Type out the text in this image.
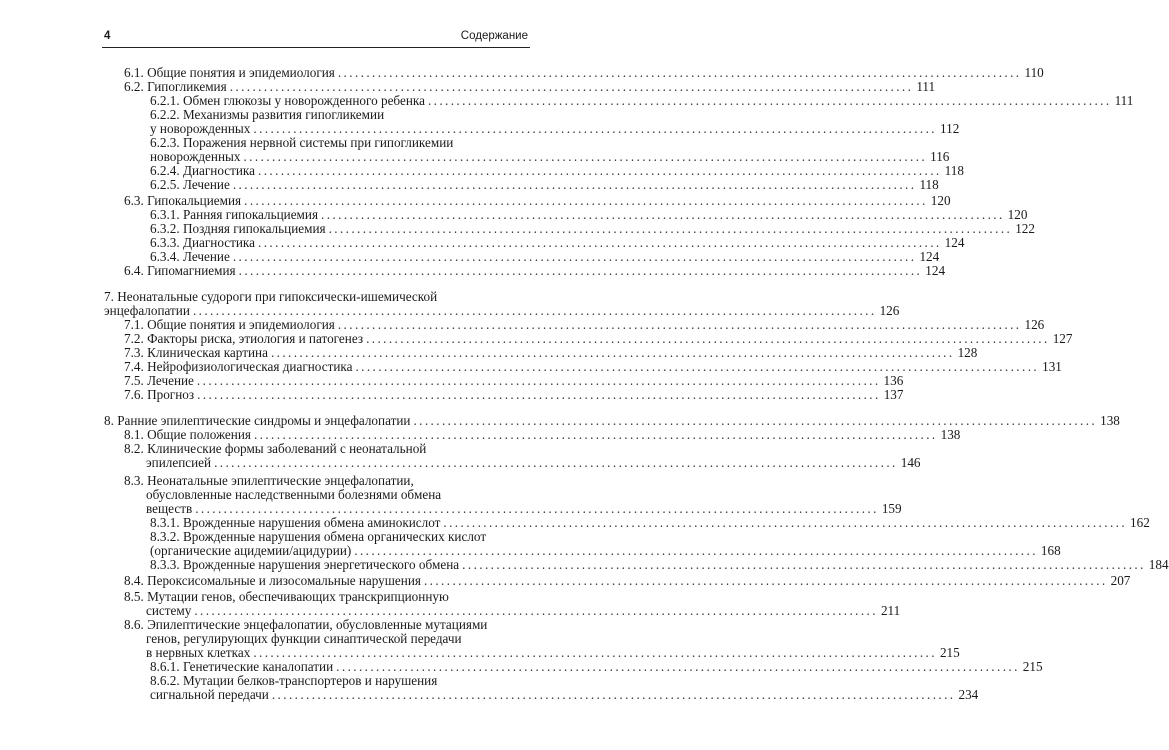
4	Содержание
6.1. Общие понятия и эпидемиология ........................................................................................................................ 110
6.2. Гипогликемия ........................................................................................................................ 111
6.2.1. Обмен глюкозы у новорожденного ребенка ........................................................................................................................ 111
6.2.2. Механизмы развития гипогликемии
у новорожденных ........................................................................................................................ 112
6.2.3. Поражения нервной системы при гипогликемии
новорожденных ........................................................................................................................ 116
6.2.4. Диагностика ........................................................................................................................ 118
6.2.5. Лечение ........................................................................................................................ 118
6.3. Гипокальциемия ........................................................................................................................ 120
6.3.1. Ранняя гипокальциемия ........................................................................................................................ 120
6.3.2. Поздняя гипокальциемия ........................................................................................................................ 122
6.3.3. Диагностика ........................................................................................................................ 124
6.3.4. Лечение ........................................................................................................................ 124
6.4. Гипомагниемия ........................................................................................................................ 124
7. Неонатальные судороги при гипоксически-ишемической
энцефалопатии ........................................................................................................................ 126
7.1. Общие понятия и эпидемиология ........................................................................................................................ 126
7.2. Факторы риска, этиология и патогенез ........................................................................................................................ 127
7.3. Клиническая картина ........................................................................................................................ 128
7.4. Нейрофизиологическая диагностика ........................................................................................................................ 131
7.5. Лечение ........................................................................................................................ 136
7.6. Прогноз ........................................................................................................................ 137
8. Ранние эпилептические синдромы и энцефалопатии ........................................................................................................................ 138
8.1. Общие положения ........................................................................................................................ 138
8.2. Клинические формы заболеваний с неонатальной
эпилепсией ........................................................................................................................ 146
8.3. Неонатальные эпилептические энцефалопатии,
обусловленные наследственными болезнями обмена
веществ ........................................................................................................................ 159
8.3.1. Врожденные нарушения обмена аминокислот ........................................................................................................................ 162
8.3.2. Врожденные нарушения обмена органических кислот
(органические ацидемии/ацидурии) ........................................................................................................................ 168
8.3.3. Врожденные нарушения энергетического обмена ........................................................................................................................ 184
8.4. Пероксисомальные и лизосомальные нарушения ........................................................................................................................ 207
8.5. Мутации генов, обеспечивающих транскрипционную
систему ........................................................................................................................ 211
8.6. Эпилептические энцефалопатии, обусловленные мутациями
генов, регулирующих функции синаптической передачи
в нервных клетках ........................................................................................................................ 215
8.6.1. Генетические каналопатии ........................................................................................................................ 215
8.6.2. Мутации белков-транспортеров и нарушения
сигнальной передачи ........................................................................................................................ 234
